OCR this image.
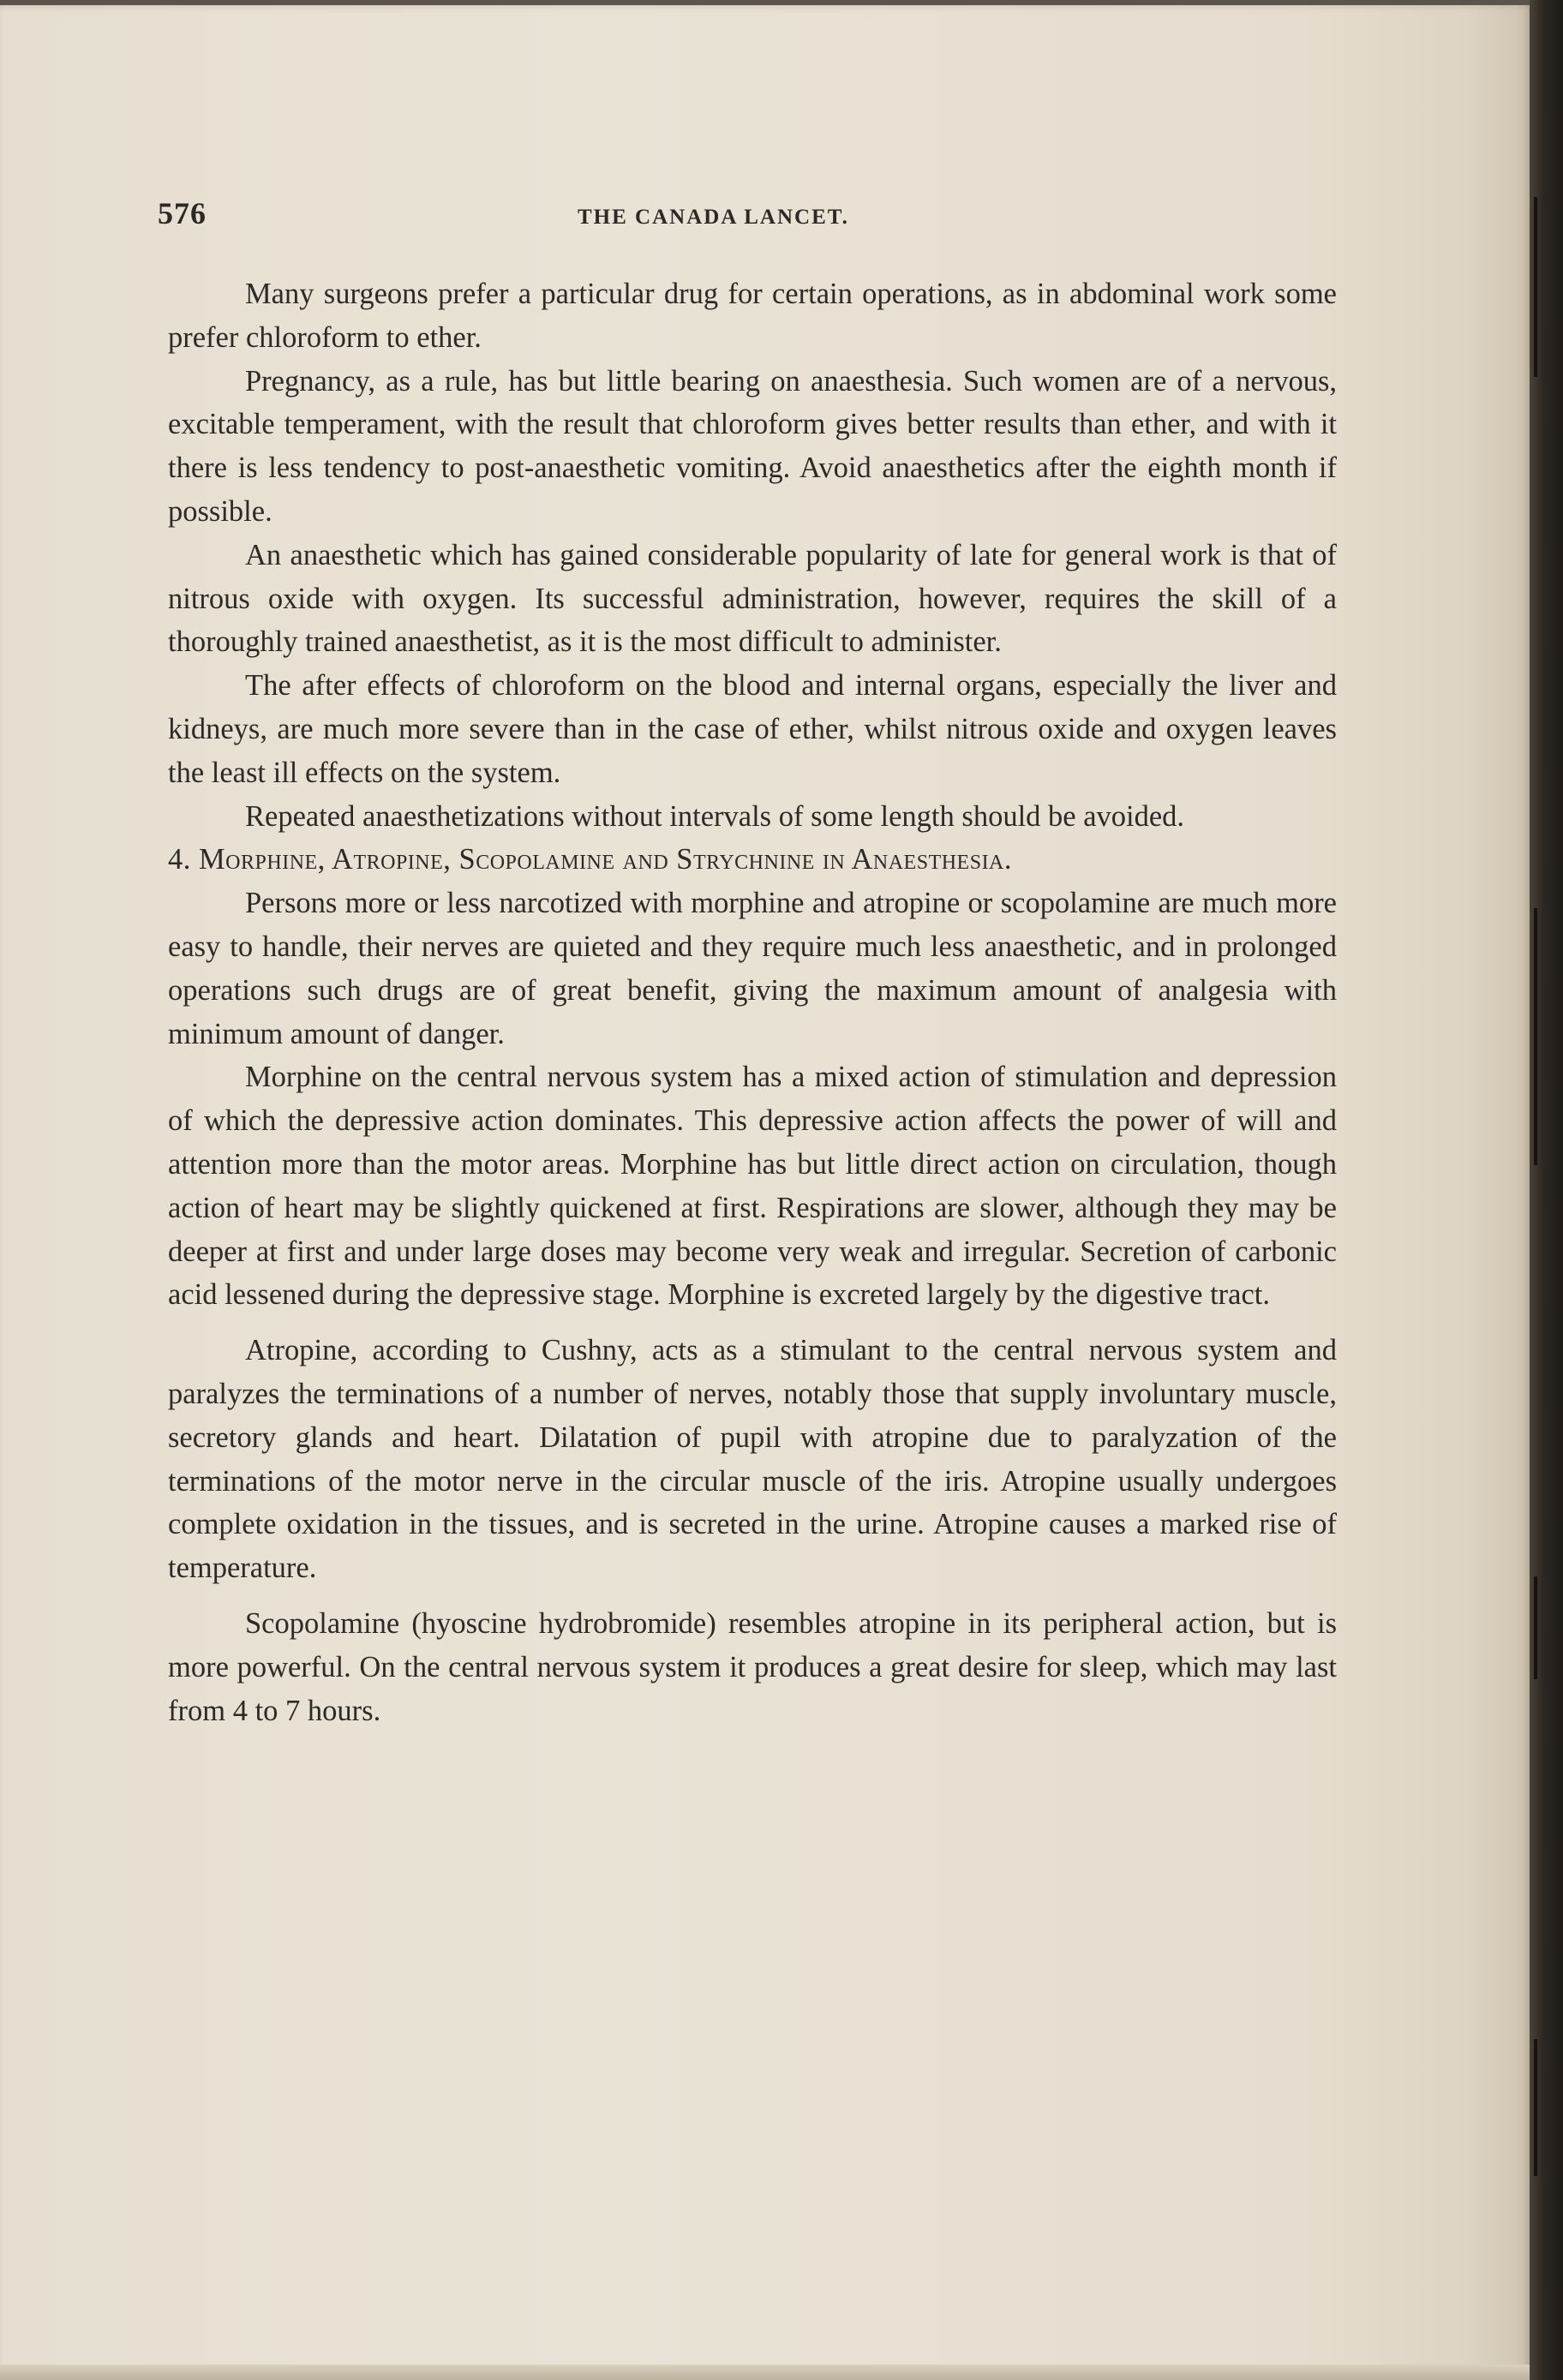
576	THE CANADA LANCET.

Many surgeons prefer a particular drug for certain operations, as in abdominal work some prefer chloroform to ether.

Pregnancy, as a rule, has but little bearing on anaesthesia. Such women are of a nervous, excitable temperament, with the result that chloroform gives better results than ether, and with it there is less tendency to post-anaesthetic vomiting. Avoid anaesthetics after the eighth month if possible.

An anaesthetic which has gained considerable popularity of late for general work is that of nitrous oxide with oxygen. Its successful administration, however, requires the skill of a thoroughly trained anaesthetist, as it is the most difficult to administer.

The after effects of chloroform on the blood and internal organs, especially the liver and kidneys, are much more severe than in the case of ether, whilst nitrous oxide and oxygen leaves the least ill effects on the system.

Repeated anaesthetizations without intervals of some length should be avoided.

4. Morphine, Atropine, Scopolamine and Strychnine in Anaesthesia.

Persons more or less narcotized with morphine and atropine or scopolamine are much more easy to handle, their nerves are quieted and they require much less anaesthetic, and in prolonged operations such drugs are of great benefit, giving the maximum amount of analgesia with minimum amount of danger.

Morphine on the central nervous system has a mixed action of stimulation and depression of which the depressive action dominates. This depressive action affects the power of will and attention more than the motor areas. Morphine has but little direct action on circulation, though action of heart may be slightly quickened at first. Respirations are slower, although they may be deeper at first and under large doses may become very weak and irregular. Secretion of carbonic acid lessened during the depressive stage. Morphine is excreted largely by the digestive tract.

Atropine, according to Cushny, acts as a stimulant to the central nervous system and paralyzes the terminations of a number of nerves, notably those that supply involuntary muscle, secretory glands and heart. Dilatation of pupil with atropine due to paralyzation of the terminations of the motor nerve in the circular muscle of the iris. Atropine usually undergoes complete oxidation in the tissues, and is secreted in the urine. Atropine causes a marked rise of temperature.

Scopolamine (hyoscine hydrobromide) resembles atropine in its peripheral action, but is more powerful. On the central nervous system it produces a great desire for sleep, which may last from 4 to 7 hours.
